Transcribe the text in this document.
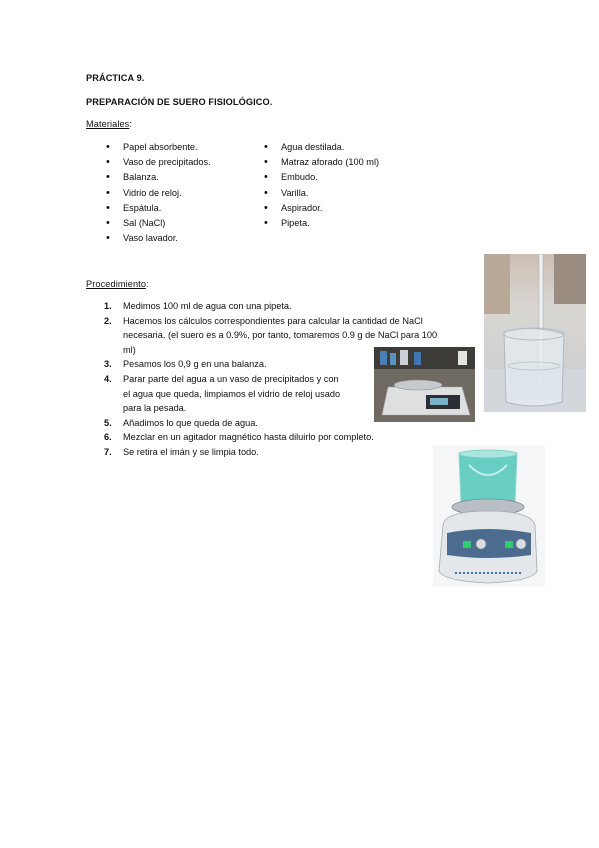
PRÁCTICA 9.
PREPARACIÓN DE SUERO FISIOLÓGICO.
Materiales:
• Papel absorbente.
• Vaso de precipitados.
• Balanza.
• Vidrio de reloj.
• Espátula.
• Sal (NaCl)
• Vaso lavador.
• Agua destilada.
• Matraz aforado (100 ml)
• Embudo.
• Varilla.
• Aspirador.
• Pipeta.
Procedimiento:
1. Medimos 100 ml de agua con una pipeta.
2. Hacemos los cálculos correspondientes para calcular la cantidad de NaCl
necesaria. (el suero es a 0.9%, por tanto, tomaremos 0.9 g de NaCl para 100
ml)
3. Pesamos los 0,9 g en una balanza.
4. Parar parte del agua a un vaso de precipitados y con
el agua que queda, limpiamos el vidrio de reloj usado
para la pesada.
5. Añadimos lo que queda de agua.
6. Mezclar en un agitador magnético hasta diluirlo por completo.
7. Se retira el imán y se limpia todo.
